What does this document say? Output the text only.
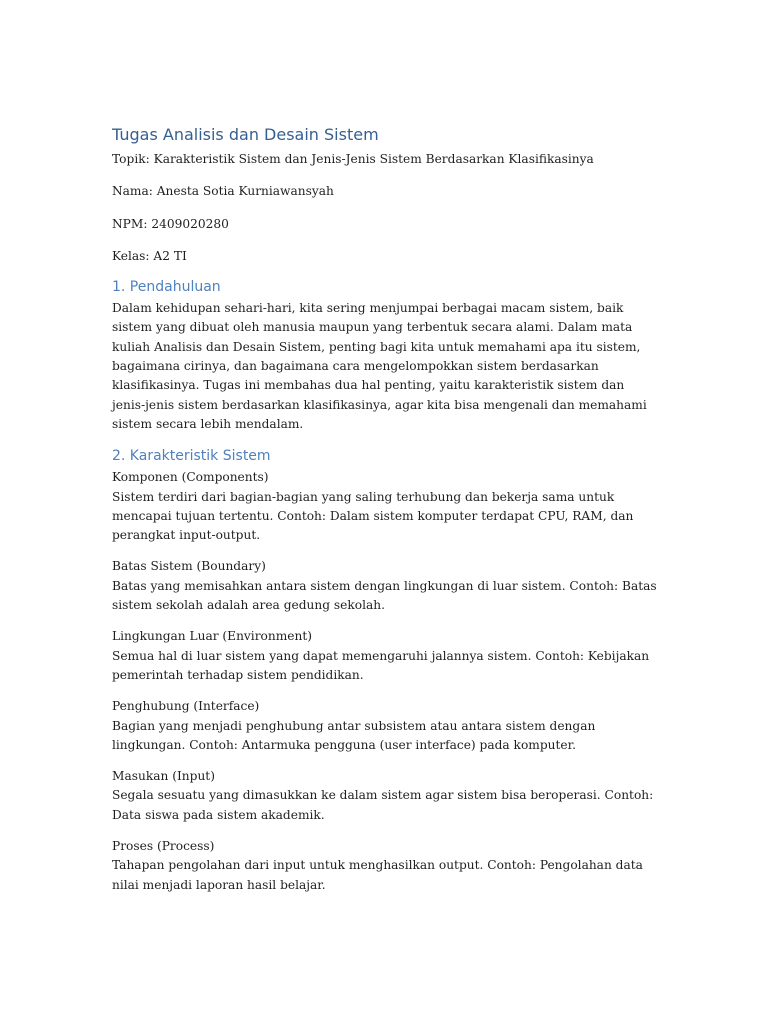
Tugas Analisis dan Desain Sistem

Topik: Karakteristik Sistem dan Jenis-Jenis Sistem Berdasarkan Klasifikasinya

Nama: Anesta Sotia Kurniawansyah

NPM: 2409020280

Kelas: A2 TI

1. Pendahuluan

Dalam kehidupan sehari-hari, kita sering menjumpai berbagai macam sistem, baik sistem yang dibuat oleh manusia maupun yang terbentuk secara alami. Dalam mata kuliah Analisis dan Desain Sistem, penting bagi kita untuk memahami apa itu sistem, bagaimana cirinya, dan bagaimana cara mengelompokkan sistem berdasarkan klasifikasinya. Tugas ini membahas dua hal penting, yaitu karakteristik sistem dan jenis-jenis sistem berdasarkan klasifikasinya, agar kita bisa mengenali dan memahami sistem secara lebih mendalam.

2. Karakteristik Sistem
Komponen (Components)
Sistem terdiri dari bagian-bagian yang saling terhubung dan bekerja sama untuk mencapai tujuan tertentu. Contoh: Dalam sistem komputer terdapat CPU, RAM, dan perangkat input-output.
Batas Sistem (Boundary)
Batas yang memisahkan antara sistem dengan lingkungan di luar sistem. Contoh: Batas sistem sekolah adalah area gedung sekolah.
Lingkungan Luar (Environment)
Semua hal di luar sistem yang dapat memengaruhi jalannya sistem. Contoh: Kebijakan pemerintah terhadap sistem pendidikan.
Penghubung (Interface)
Bagian yang menjadi penghubung antar subsistem atau antara sistem dengan lingkungan. Contoh: Antarmuka pengguna (user interface) pada komputer.
Masukan (Input)
Segala sesuatu yang dimasukkan ke dalam sistem agar sistem bisa beroperasi. Contoh: Data siswa pada sistem akademik.
Proses (Process)
Tahapan pengolahan dari input untuk menghasilkan output. Contoh: Pengolahan data nilai menjadi laporan hasil belajar.
